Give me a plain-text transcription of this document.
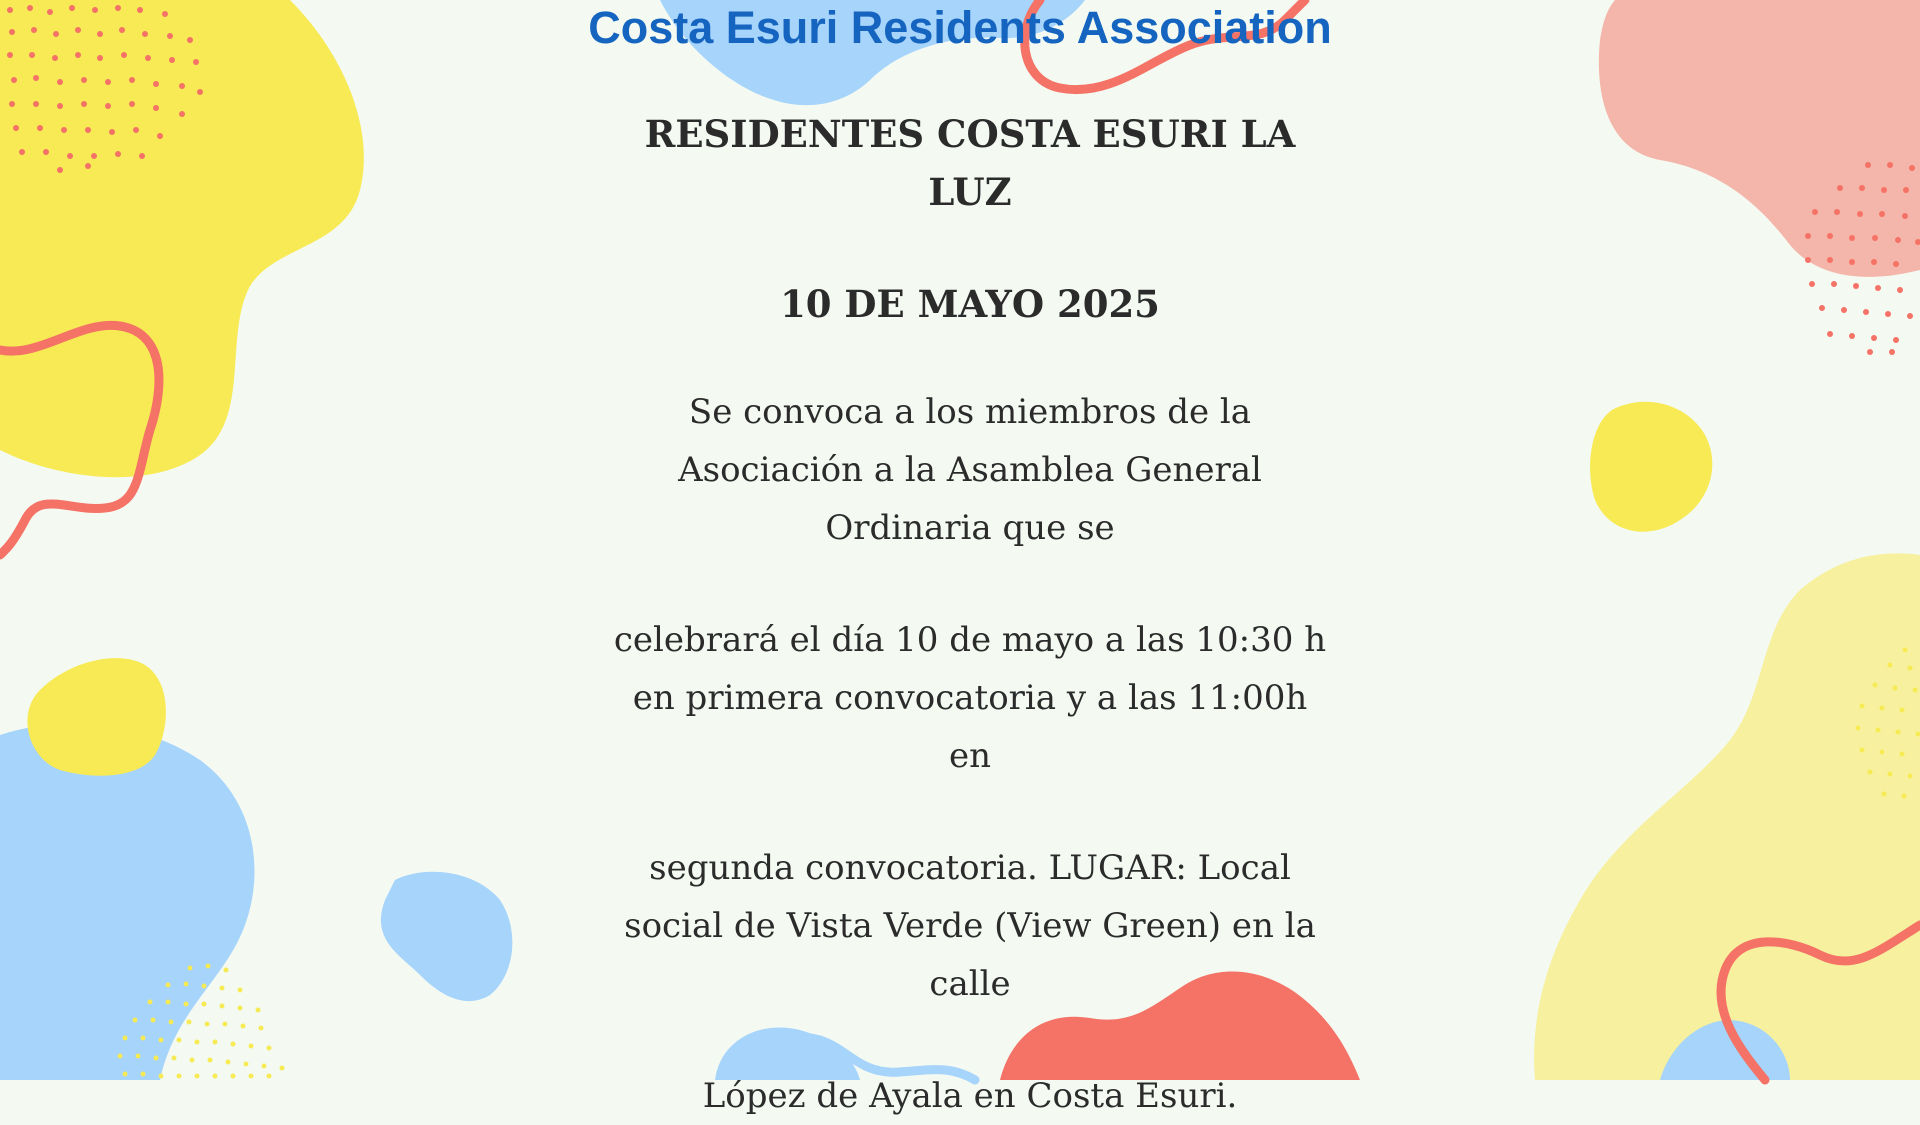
Costa Esuri Residents Association
RESIDENTES COSTA ESURI LA LUZ
10 DE MAYO 2025
Se convoca a los miembros de la Asociación a la Asamblea General Ordinaria que se
celebrará el día 10 de mayo a las 10:30 h en primera convocatoria y a las 11:00h en
segunda convocatoria. LUGAR: Local social de Vista Verde (View Green) en la calle
López de Ayala en Costa Esuri.
